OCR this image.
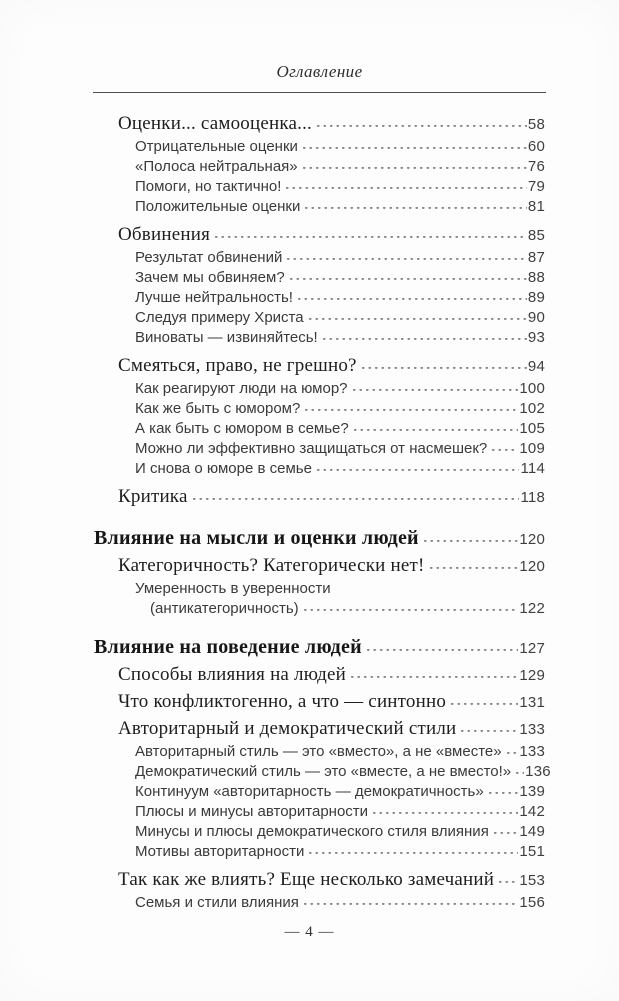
Оглавление
Оценки... самооценка...	58
Отрицательные оценки	60
«Полоса нейтральная»	76
Помоги, но тактично!	79
Положительные оценки	81
Обвинения	85
Результат обвинений	87
Зачем мы обвиняем?	88
Лучше нейтральность!	89
Следуя примеру Христа	90
Виноваты — извиняйтесь!	93
Смеяться, право, не грешно?	94
Как реагируют люди на юмор?	100
Как же быть с юмором?	102
А как быть с юмором в семье?	105
Можно ли эффективно защищаться от насмешек? 109
И снова о юморе в семье	114
Критика	118
Влияние на мысли и оценки людей	120
Категоричность? Категорически нет!	120
Умеренность в уверенности
(антикатегоричность)	122
Влияние на поведение людей	127
Способы влияния на людей	129
Что конфликтогенно, а что — синтонно	131
Авторитарный и демократический стили	133
Авторитарный стиль — это «вместо», а не «вместе» 133
Демократический стиль — это «вместе, а не вместо!» 136
Континуум «авторитарность — демократичность» 139
Плюсы и минусы авторитарности	142
Минусы и плюсы демократического стиля влияния 149
Мотивы авторитарности	151
Так как же влиять? Еще несколько замечаний 153
Семья и стили влияния	156
— 4 —
